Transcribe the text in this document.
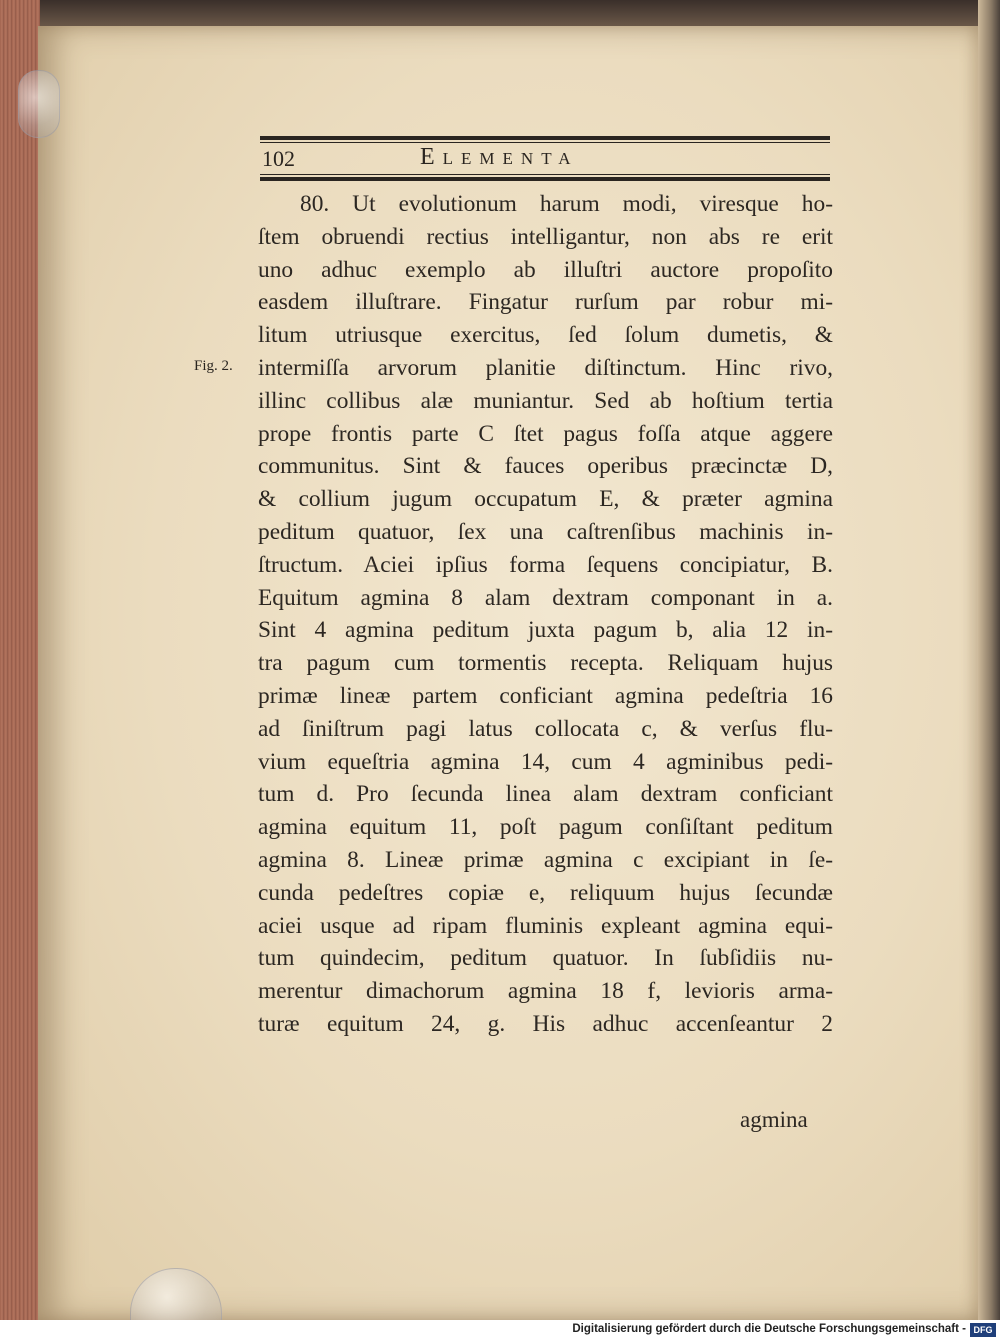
102	Elementa
Fig. 2.
80. Ut evolutionum harum modi, viresque ho-
ſtem obruendi rectius intelligantur, non abs re erit
uno adhuc exemplo ab illuſtri auctore propoſito
easdem illuſtrare. Fingatur rurſum par robur mi-
litum utriusque exercitus, ſed ſolum dumetis, &
intermiſſa arvorum planitie diſtinctum. Hinc rivo,
illinc collibus alæ muniantur. Sed ab hoſtium tertia
prope frontis parte C ſtet pagus foſſa atque aggere
communitus. Sint & fauces operibus præcinctæ D,
& collium jugum occupatum E, & præter agmina
peditum quatuor, ſex una caſtrenſibus machinis in-
ſtructum. Aciei ipſius forma ſequens concipiatur, B.
Equitum agmina 8 alam dextram componant in a.
Sint 4 agmina peditum juxta pagum b, alia 12 in-
tra pagum cum tormentis recepta. Reliquam hujus
primæ lineæ partem conficiant agmina pedeſtria 16
ad ſiniſtrum pagi latus collocata c, & verſus flu-
vium equeſtria agmina 14, cum 4 agminibus pedi-
tum d. Pro ſecunda linea alam dextram conficiant
agmina equitum 11, poſt pagum conſiſtant peditum
agmina 8. Lineæ primæ agmina c excipiant in ſe-
cunda pedeſtres copiæ e, reliquum hujus ſecundæ
aciei usque ad ripam fluminis expleant agmina equi-
tum quindecim, peditum quatuor. In ſubſidiis nu-
merentur dimachorum agmina 18 f, levioris arma-
turæ equitum 24, g. His adhuc accenſeantur 2
agmina
Digitalisierung gefördert durch die Deutsche Forschungsgemeinschaft - DFG
